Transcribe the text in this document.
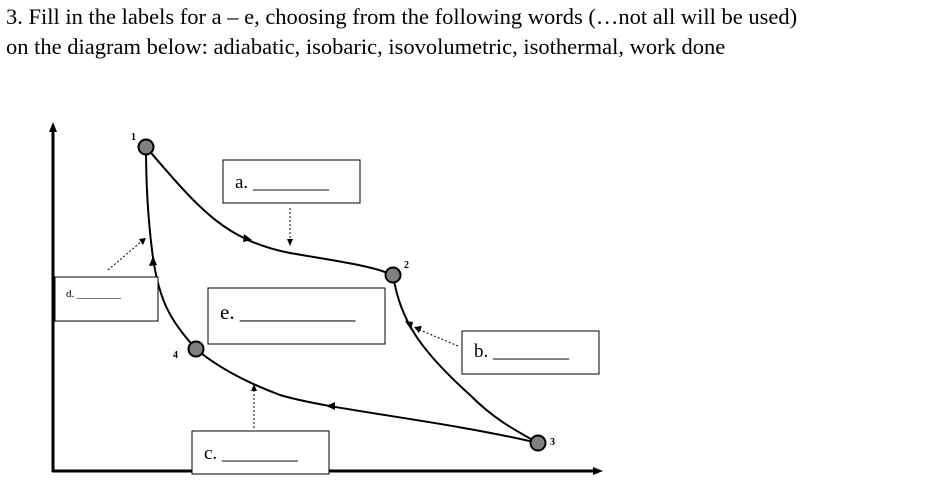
3. Fill in the labels for a – e, choosing from the following words (…not all will be used)
on the diagram below: adiabatic, isobaric, isovolumetric, isothermal, work done
1
2
3
4
a. ________
b. ________
c. ________
d. ________
e. ___________
